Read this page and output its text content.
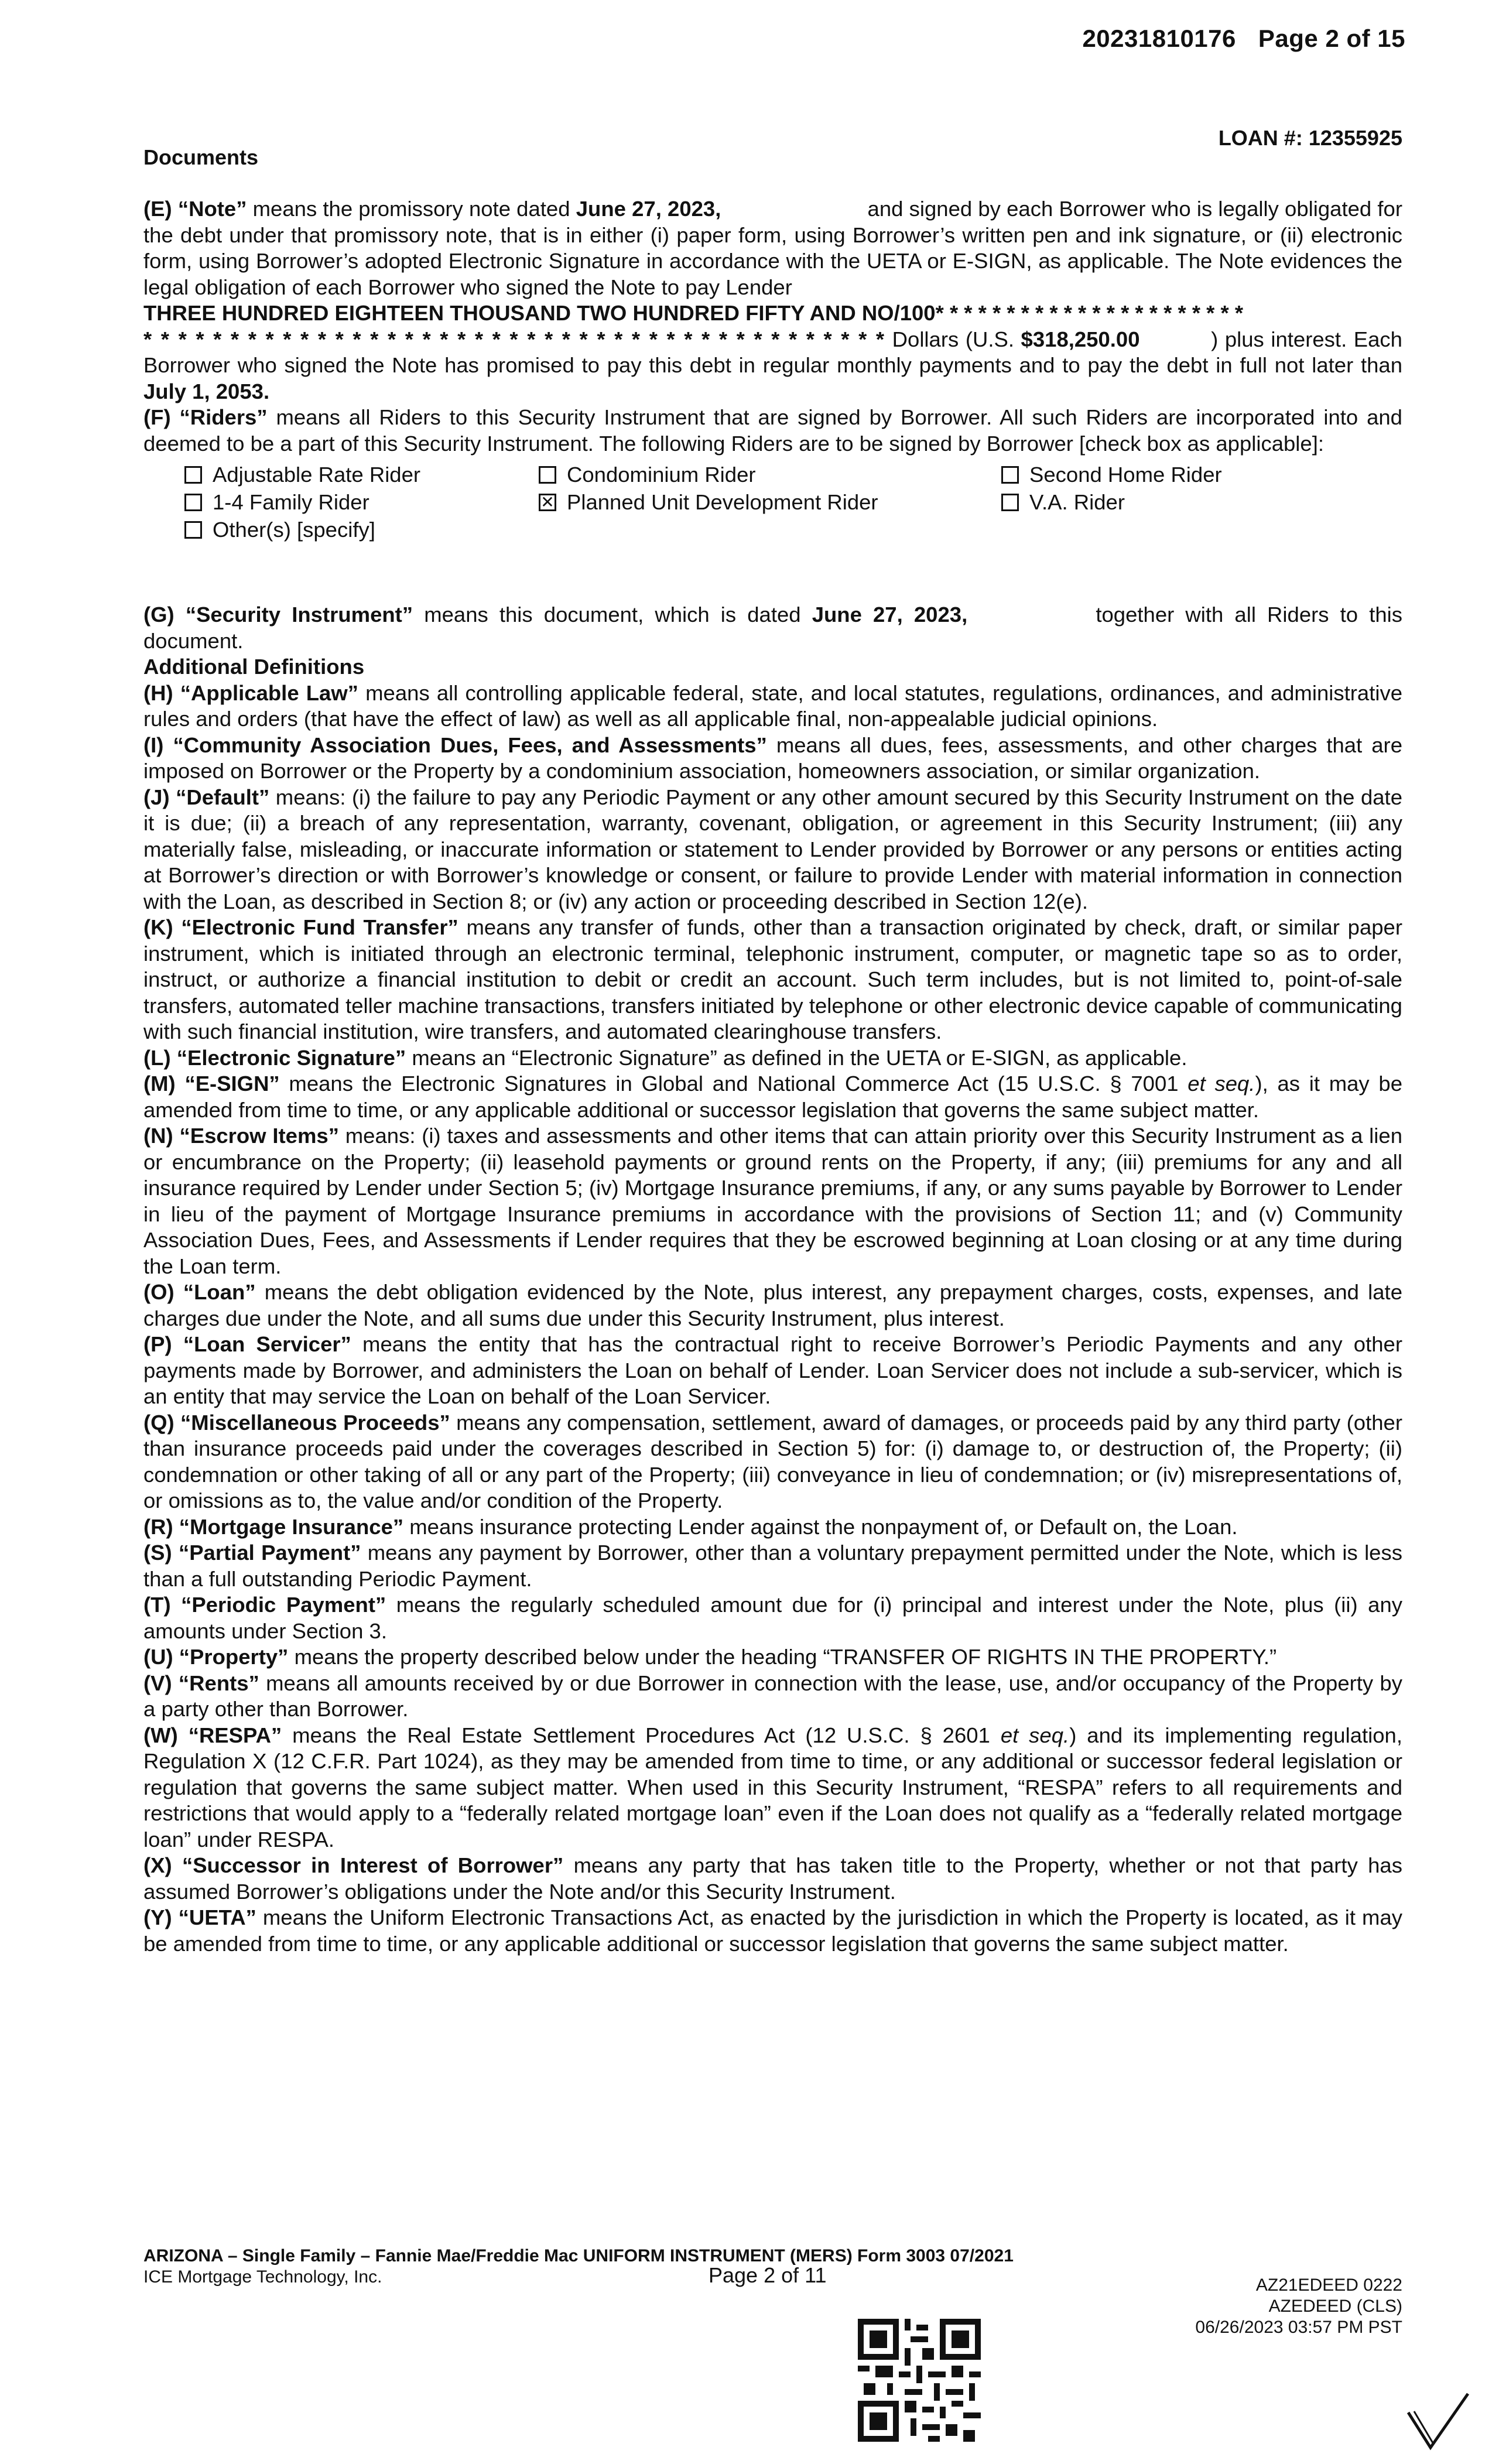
20231810176 Page 2 of 15
Documents
LOAN #: 12355925

(E) “Note” means the promissory note dated June 27, 2023,	and signed by each Borrower who is legally obligated for the debt under that promissory note, that is in either (i) paper form, using Borrower’s written pen and ink signature, or (ii) electronic form, using Borrower’s adopted Electronic Signature in accordance with the UETA or E-SIGN, as applicable. The Note evidences the legal obligation of each Borrower who signed the Note to pay Lender
THREE HUNDRED EIGHTEEN THOUSAND TWO HUNDRED FIFTY AND NO/100* * * * * * * * * * * * * * * * * * * * * *
* * * * * * * * * * * * * * * * * * * * * * * * * * * * * * * * * * * * * * * * * * * Dollars (U.S. $318,250.00	) plus interest. Each Borrower who signed the Note has promised to pay this debt in regular monthly payments and to pay the debt in full not later than July 1, 2053.

(F) “Riders” means all Riders to this Security Instrument that are signed by Borrower. All such Riders are incorporated into and deemed to be a part of this Security Instrument. The following Riders are to be signed by Borrower [check box as applicable]:

Adjustable Rate Rider	Condominium Rider	Second Home Rider
1-4 Family Rider	✕ Planned Unit Development Rider	V.A. Rider
Other(s) [specify]

(G) “Security Instrument” means this document, which is dated June 27, 2023,	together with all Riders to this document.

Additional Definitions

(H) “Applicable Law” means all controlling applicable federal, state, and local statutes, regulations, ordinances, and administrative rules and orders (that have the effect of law) as well as all applicable final, non-appealable judicial opinions.

(I) “Community Association Dues, Fees, and Assessments” means all dues, fees, assessments, and other charges that are imposed on Borrower or the Property by a condominium association, homeowners association, or similar organization.

(J) “Default” means: (i) the failure to pay any Periodic Payment or any other amount secured by this Security Instrument on the date it is due; (ii) a breach of any representation, warranty, covenant, obligation, or agreement in this Security Instrument; (iii) any materially false, misleading, or inaccurate information or statement to Lender provided by Borrower or any persons or entities acting at Borrower’s direction or with Borrower’s knowledge or consent, or failure to provide Lender with material information in connection with the Loan, as described in Section 8; or (iv) any action or proceeding described in Section 12(e).

(K) “Electronic Fund Transfer” means any transfer of funds, other than a transaction originated by check, draft, or similar paper instrument, which is initiated through an electronic terminal, telephonic instrument, computer, or magnetic tape so as to order, instruct, or authorize a financial institution to debit or credit an account. Such term includes, but is not limited to, point-of-sale transfers, automated teller machine transactions, transfers initiated by telephone or other electronic device capable of communicating with such financial institution, wire transfers, and automated clearinghouse transfers.

(L) “Electronic Signature” means an “Electronic Signature” as defined in the UETA or E-SIGN, as applicable.

(M) “E-SIGN” means the Electronic Signatures in Global and National Commerce Act (15 U.S.C. § 7001 et seq.), as it may be amended from time to time, or any applicable additional or successor legislation that governs the same subject matter.

(N) “Escrow Items” means: (i) taxes and assessments and other items that can attain priority over this Security Instrument as a lien or encumbrance on the Property; (ii) leasehold payments or ground rents on the Property, if any; (iii) premiums for any and all insurance required by Lender under Section 5; (iv) Mortgage Insurance premiums, if any, or any sums payable by Borrower to Lender in lieu of the payment of Mortgage Insurance premiums in accordance with the provisions of Section 11; and (v) Community Association Dues, Fees, and Assessments if Lender requires that they be escrowed beginning at Loan closing or at any time during the Loan term.

(O) “Loan” means the debt obligation evidenced by the Note, plus interest, any prepayment charges, costs, expenses, and late charges due under the Note, and all sums due under this Security Instrument, plus interest.

(P) “Loan Servicer” means the entity that has the contractual right to receive Borrower’s Periodic Payments and any other payments made by Borrower, and administers the Loan on behalf of Lender. Loan Servicer does not include a sub-servicer, which is an entity that may service the Loan on behalf of the Loan Servicer.

(Q) “Miscellaneous Proceeds” means any compensation, settlement, award of damages, or proceeds paid by any third party (other than insurance proceeds paid under the coverages described in Section 5) for: (i) damage to, or destruction of, the Property; (ii) condemnation or other taking of all or any part of the Property; (iii) conveyance in lieu of condemnation; or (iv) misrepresentations of, or omissions as to, the value and/or condition of the Property.

(R) “Mortgage Insurance” means insurance protecting Lender against the nonpayment of, or Default on, the Loan.

(S) “Partial Payment” means any payment by Borrower, other than a voluntary prepayment permitted under the Note, which is less than a full outstanding Periodic Payment.

(T) “Periodic Payment” means the regularly scheduled amount due for (i) principal and interest under the Note, plus (ii) any amounts under Section 3.

(U) “Property” means the property described below under the heading “TRANSFER OF RIGHTS IN THE PROPERTY.”

(V) “Rents” means all amounts received by or due Borrower in connection with the lease, use, and/or occupancy of the Property by a party other than Borrower.

(W) “RESPA” means the Real Estate Settlement Procedures Act (12 U.S.C. § 2601 et seq.) and its implementing regulation, Regulation X (12 C.F.R. Part 1024), as they may be amended from time to time, or any additional or successor federal legislation or regulation that governs the same subject matter. When used in this Security Instrument, “RESPA” refers to all requirements and restrictions that would apply to a “federally related mortgage loan” even if the Loan does not qualify as a “federally related mortgage loan” under RESPA.

(X) “Successor in Interest of Borrower” means any party that has taken title to the Property, whether or not that party has assumed Borrower’s obligations under the Note and/or this Security Instrument.

(Y) “UETA” means the Uniform Electronic Transactions Act, as enacted by the jurisdiction in which the Property is located, as it may be amended from time to time, or any applicable additional or successor legislation that governs the same subject matter.

ARIZONA – Single Family – Fannie Mae/Freddie Mac UNIFORM INSTRUMENT (MERS) Form 3003 07/2021
ICE Mortgage Technology, Inc.	Page 2 of 11	AZ21EDEED 0222
AZEDEED (CLS)
06/26/2023 03:57 PM PST
